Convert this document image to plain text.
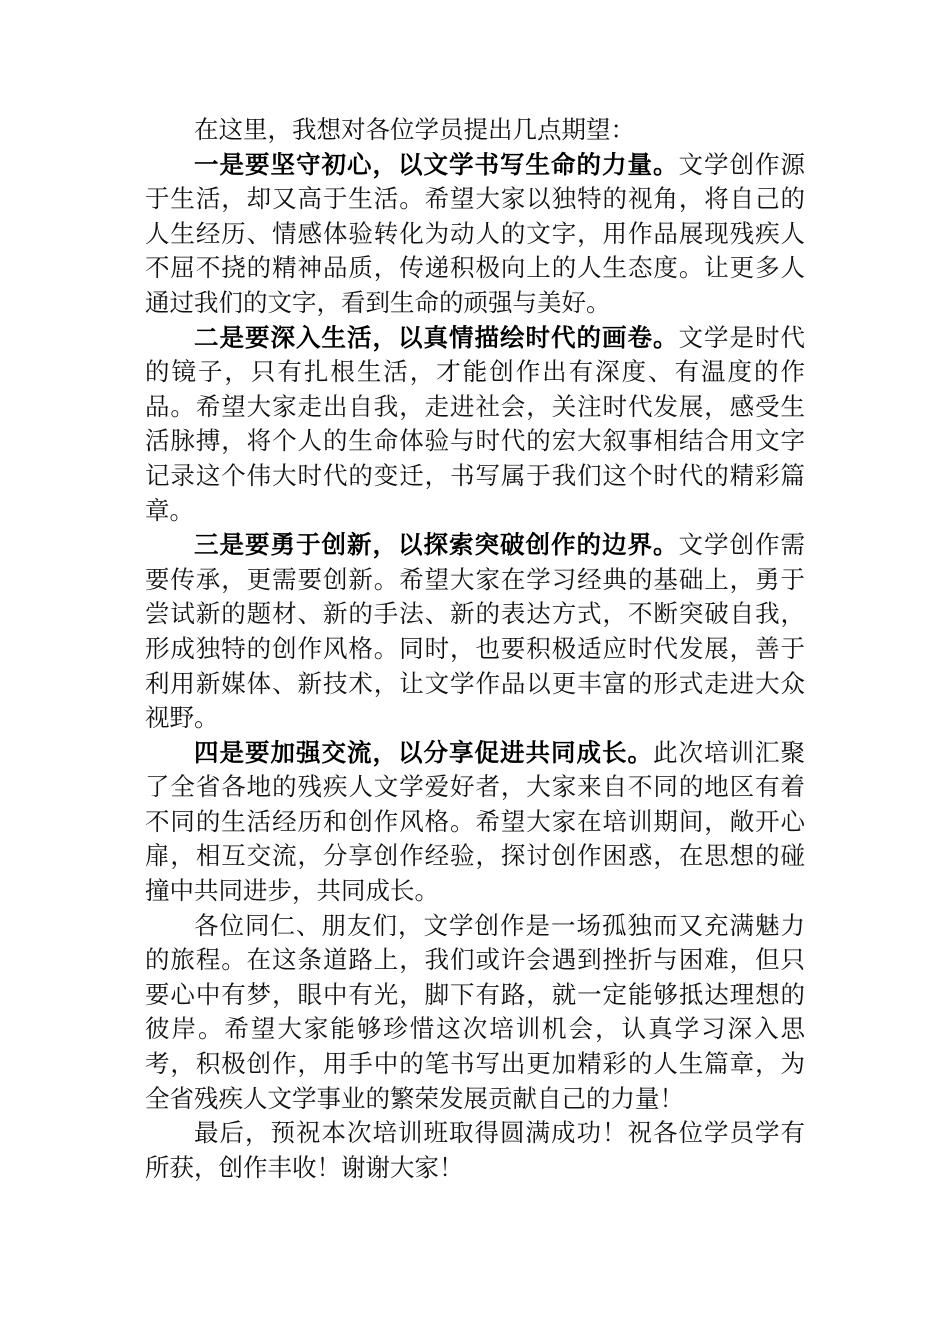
在这里，我想对各位学员提出几点期望：

一是要坚守初心，以文学书写生命的力量。文学创作源于生活，却又高于生活。希望大家以独特的视角，将自己的人生经历、情感体验转化为动人的文字，用作品展现残疾人不屈不挠的精神品质，传递积极向上的人生态度。让更多人通过我们的文字，看到生命的顽强与美好。

二是要深入生活，以真情描绘时代的画卷。文学是时代的镜子，只有扎根生活，才能创作出有深度、有温度的作品。希望大家走出自我，走进社会，关注时代发展，感受生活脉搏，将个人的生命体验与时代的宏大叙事相结合用文字记录这个伟大时代的变迁，书写属于我们这个时代的精彩篇章。

三是要勇于创新，以探索突破创作的边界。文学创作需要传承，更需要创新。希望大家在学习经典的基础上，勇于尝试新的题材、新的手法、新的表达方式，不断突破自我，形成独特的创作风格。同时，也要积极适应时代发展，善于利用新媒体、新技术，让文学作品以更丰富的形式走进大众视野。

四是要加强交流，以分享促进共同成长。此次培训汇聚了全省各地的残疾人文学爱好者，大家来自不同的地区有着不同的生活经历和创作风格。希望大家在培训期间，敞开心扉，相互交流，分享创作经验，探讨创作困惑，在思想的碰撞中共同进步，共同成长。

各位同仁、朋友们，文学创作是一场孤独而又充满魅力的旅程。在这条道路上，我们或许会遇到挫折与困难，但只要心中有梦，眼中有光，脚下有路，就一定能够抵达理想的彼岸。希望大家能够珍惜这次培训机会，认真学习深入思考，积极创作，用手中的笔书写出更加精彩的人生篇章，为全省残疾人文学事业的繁荣发展贡献自己的力量！

最后，预祝本次培训班取得圆满成功！祝各位学员学有所获，创作丰收！谢谢大家！
